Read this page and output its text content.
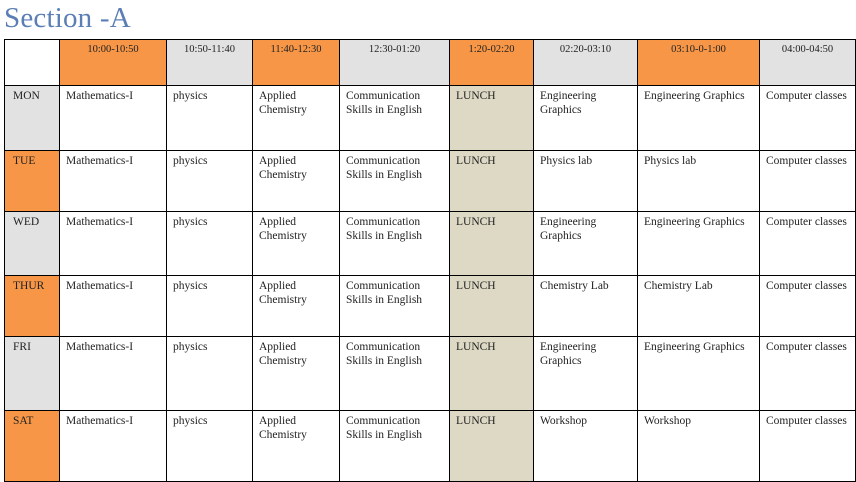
Section -A

	10:00-10:50	10:50-11:40	11:40-12:30	12:30-01:20	1:20-02:20	02:20-03:10	03:10-0-1:00	04:00-04:50

MON	Mathematics-I	physics	Applied Chemistry	Communication Skills in English	LUNCH	Engineering Graphics	Engineering Graphics	Computer classes
TUE	Mathematics-I	physics	Applied Chemistry	Communication Skills in English	LUNCH	Physics lab	Physics lab	Computer classes
WED	Mathematics-I	physics	Applied Chemistry	Communication Skills in English	LUNCH	Engineering Graphics	Engineering Graphics	Computer classes
THUR	Mathematics-I	physics	Applied Chemistry	Communication Skills in English	LUNCH	Chemistry Lab	Chemistry Lab	Computer classes
FRI	Mathematics-I	physics	Applied Chemistry	Communication Skills in English	LUNCH	Engineering Graphics	Engineering Graphics	Computer classes
SAT	Mathematics-I	physics	Applied Chemistry	Communication Skills in English	LUNCH	Workshop	Workshop	Computer classes
